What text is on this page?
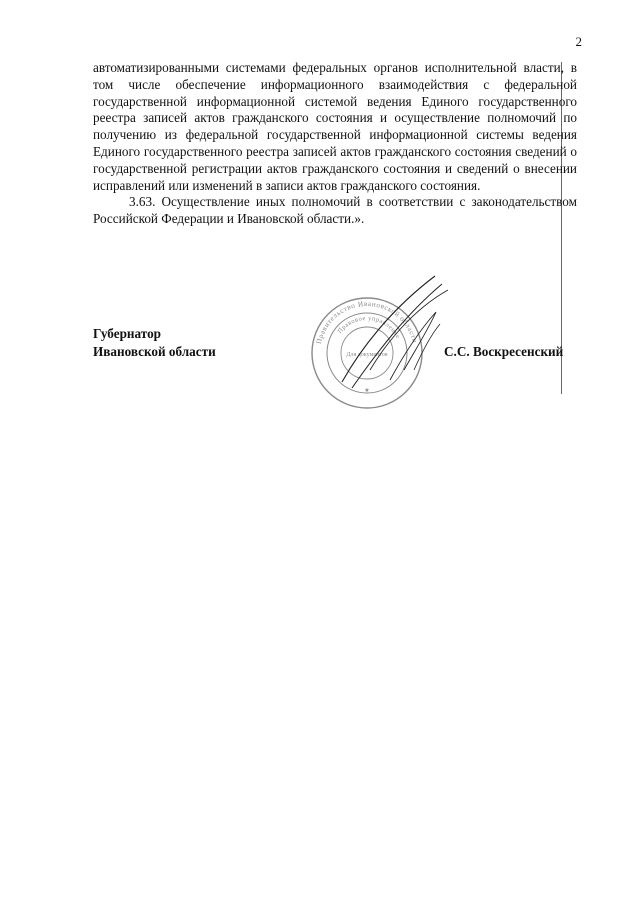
2

автоматизированными системами федеральных органов исполнительной власти, в том числе обеспечение информационного взаимодействия с федеральной государственной информационной системой ведения Единого государственного реестра записей актов гражданского состояния и осуществление полномочий по получению из федеральной государственной информационной системы ведения Единого государственного реестра записей актов гражданского состояния сведений о государственной регистрации актов гражданского состояния и сведений о внесении исправлений или изменений в записи актов гражданского состояния.

3.63. Осуществление иных полномочий в соответствии с законодательством Российской Федерации и Ивановской области.».

Губернатор
Ивановской области
Правительство Ивановской области
Правовое управление
Для документов
★
С.С. Воскресенский
